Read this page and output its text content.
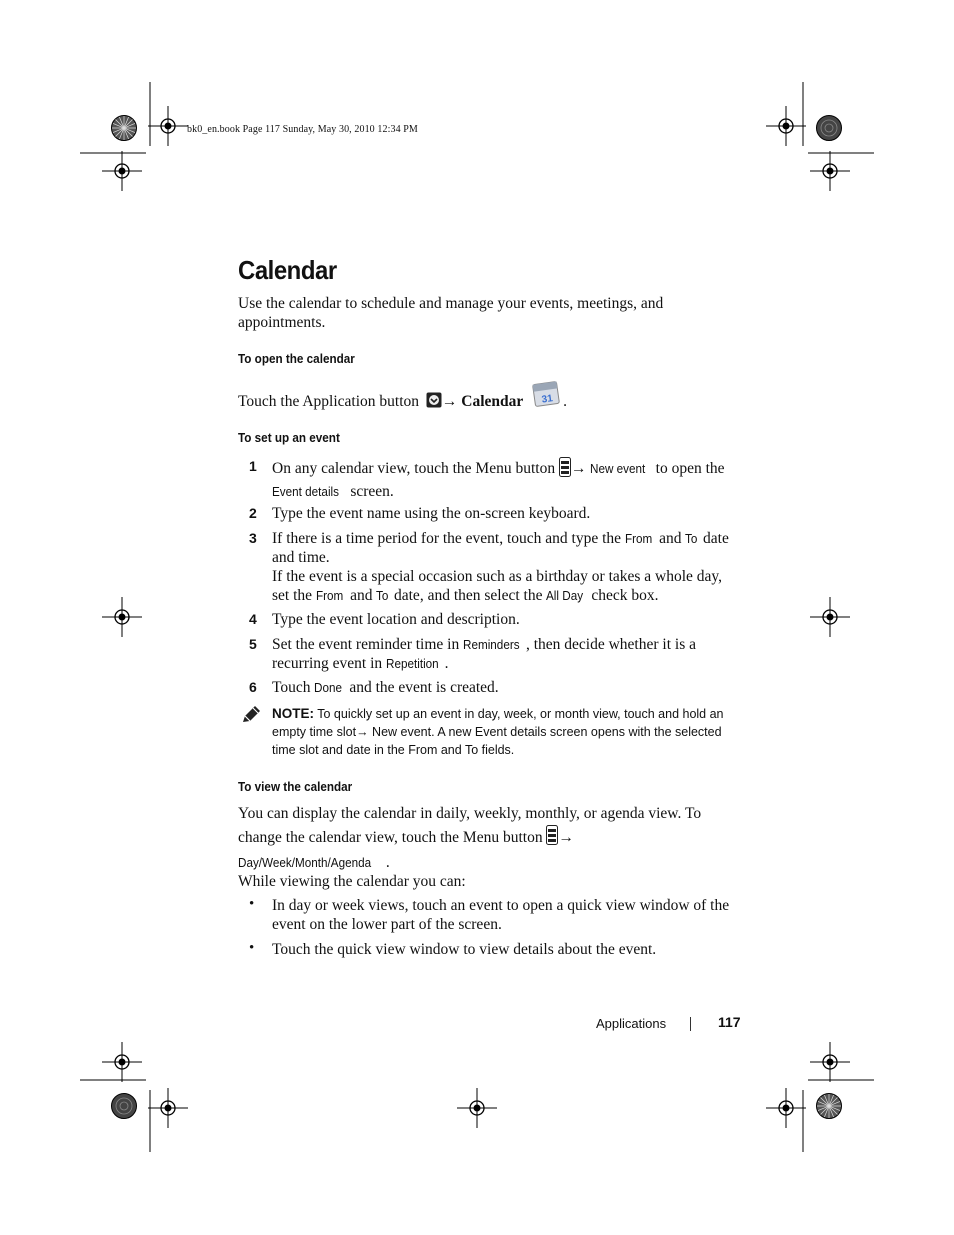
bk0_en.book Page 117 Sunday, May 30, 2010 12:34 PM
Calendar
Use the calendar to schedule and manage your events, meetings, and appointments.
To open the calendar
Touch the Application button → Calendar 31 .
To set up an event
1 On any calendar view, touch the Menu button → New event to open the
Event details screen.
2 Type the event name using the on-screen keyboard.
3 If there is a time period for the event, touch and type the From and To date and time.
If the event is a special occasion such as a birthday or takes a whole day, set the From and To date, and then select the All Day check box.
4 Type the event location and description.
5 Set the event reminder time in Reminders , then decide whether it is a recurring event in Repetition .
6 Touch Done and the event is created.
NOTE: To quickly set up an event in day, week, or month view, touch and hold an empty time slot→ New event. A new Event details screen opens with the selected time slot and date in the From and To fields.
To view the calendar
You can display the calendar in daily, weekly, monthly, or agenda view. To change the calendar view, touch the Menu button →
Day/Week/Month/Agenda .
While viewing the calendar you can:
• In day or week views, touch an event to open a quick view window of the event on the lower part of the screen.
• Touch the quick view window to view details about the event.
Applications	117
